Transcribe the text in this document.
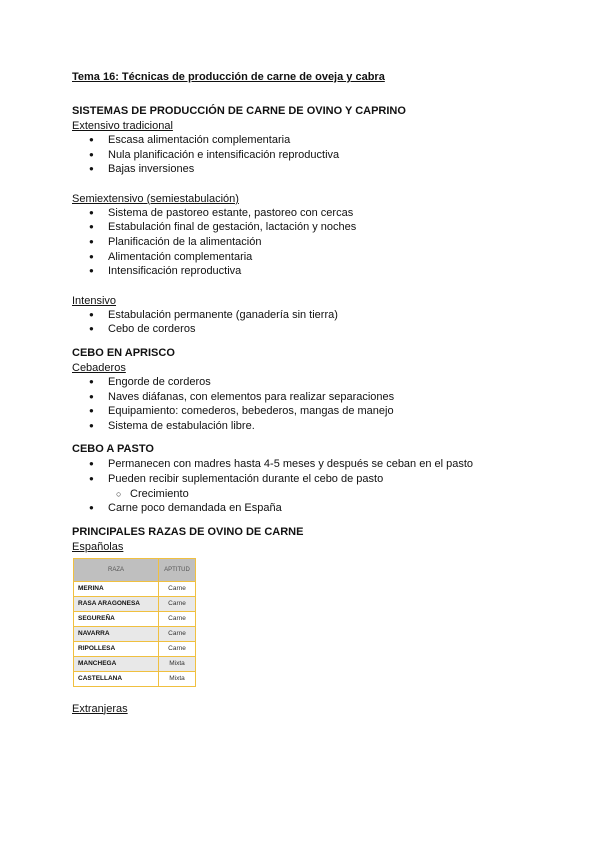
Tema 16: Técnicas de producción de carne de oveja y cabra

SISTEMAS DE PRODUCCIÓN DE CARNE DE OVINO Y CAPRINO

Extensivo tradicional

● Escasa alimentación complementaria
● Nula planificación e intensificación reproductiva
● Bajas inversiones

Semiextensivo (semiestabulación)

● Sistema de pastoreo estante, pastoreo con cercas
● Estabulación final de gestación, lactación y noches
● Planificación de la alimentación
● Alimentación complementaria
● Intensificación reproductiva

Intensivo

● Estabulación permanente (ganadería sin tierra)
● Cebo de corderos

CEBO EN APRISCO

Cebaderos

● Engorde de corderos
● Naves diáfanas, con elementos para realizar separaciones
● Equipamiento: comederos, bebederos, mangas de manejo
● Sistema de estabulación libre.

CEBO A PASTO

● Permanecen con madres hasta 4-5 meses y después se ceban en el pasto
● Pueden recibir suplementación durante el cebo de pasto
○ Crecimiento
● Carne poco demandada en España

PRINCIPALES RAZAS DE OVINO DE CARNE

Españolas

RAZA	APTITUD
MERINA	Carne
RASA ARAGONESA	Carne
SEGUREÑA	Carne
NAVARRA	Carne
RIPOLLESA	Carne
MANCHEGA	Mixta
CASTELLANA	Mixta

Extranjeras
